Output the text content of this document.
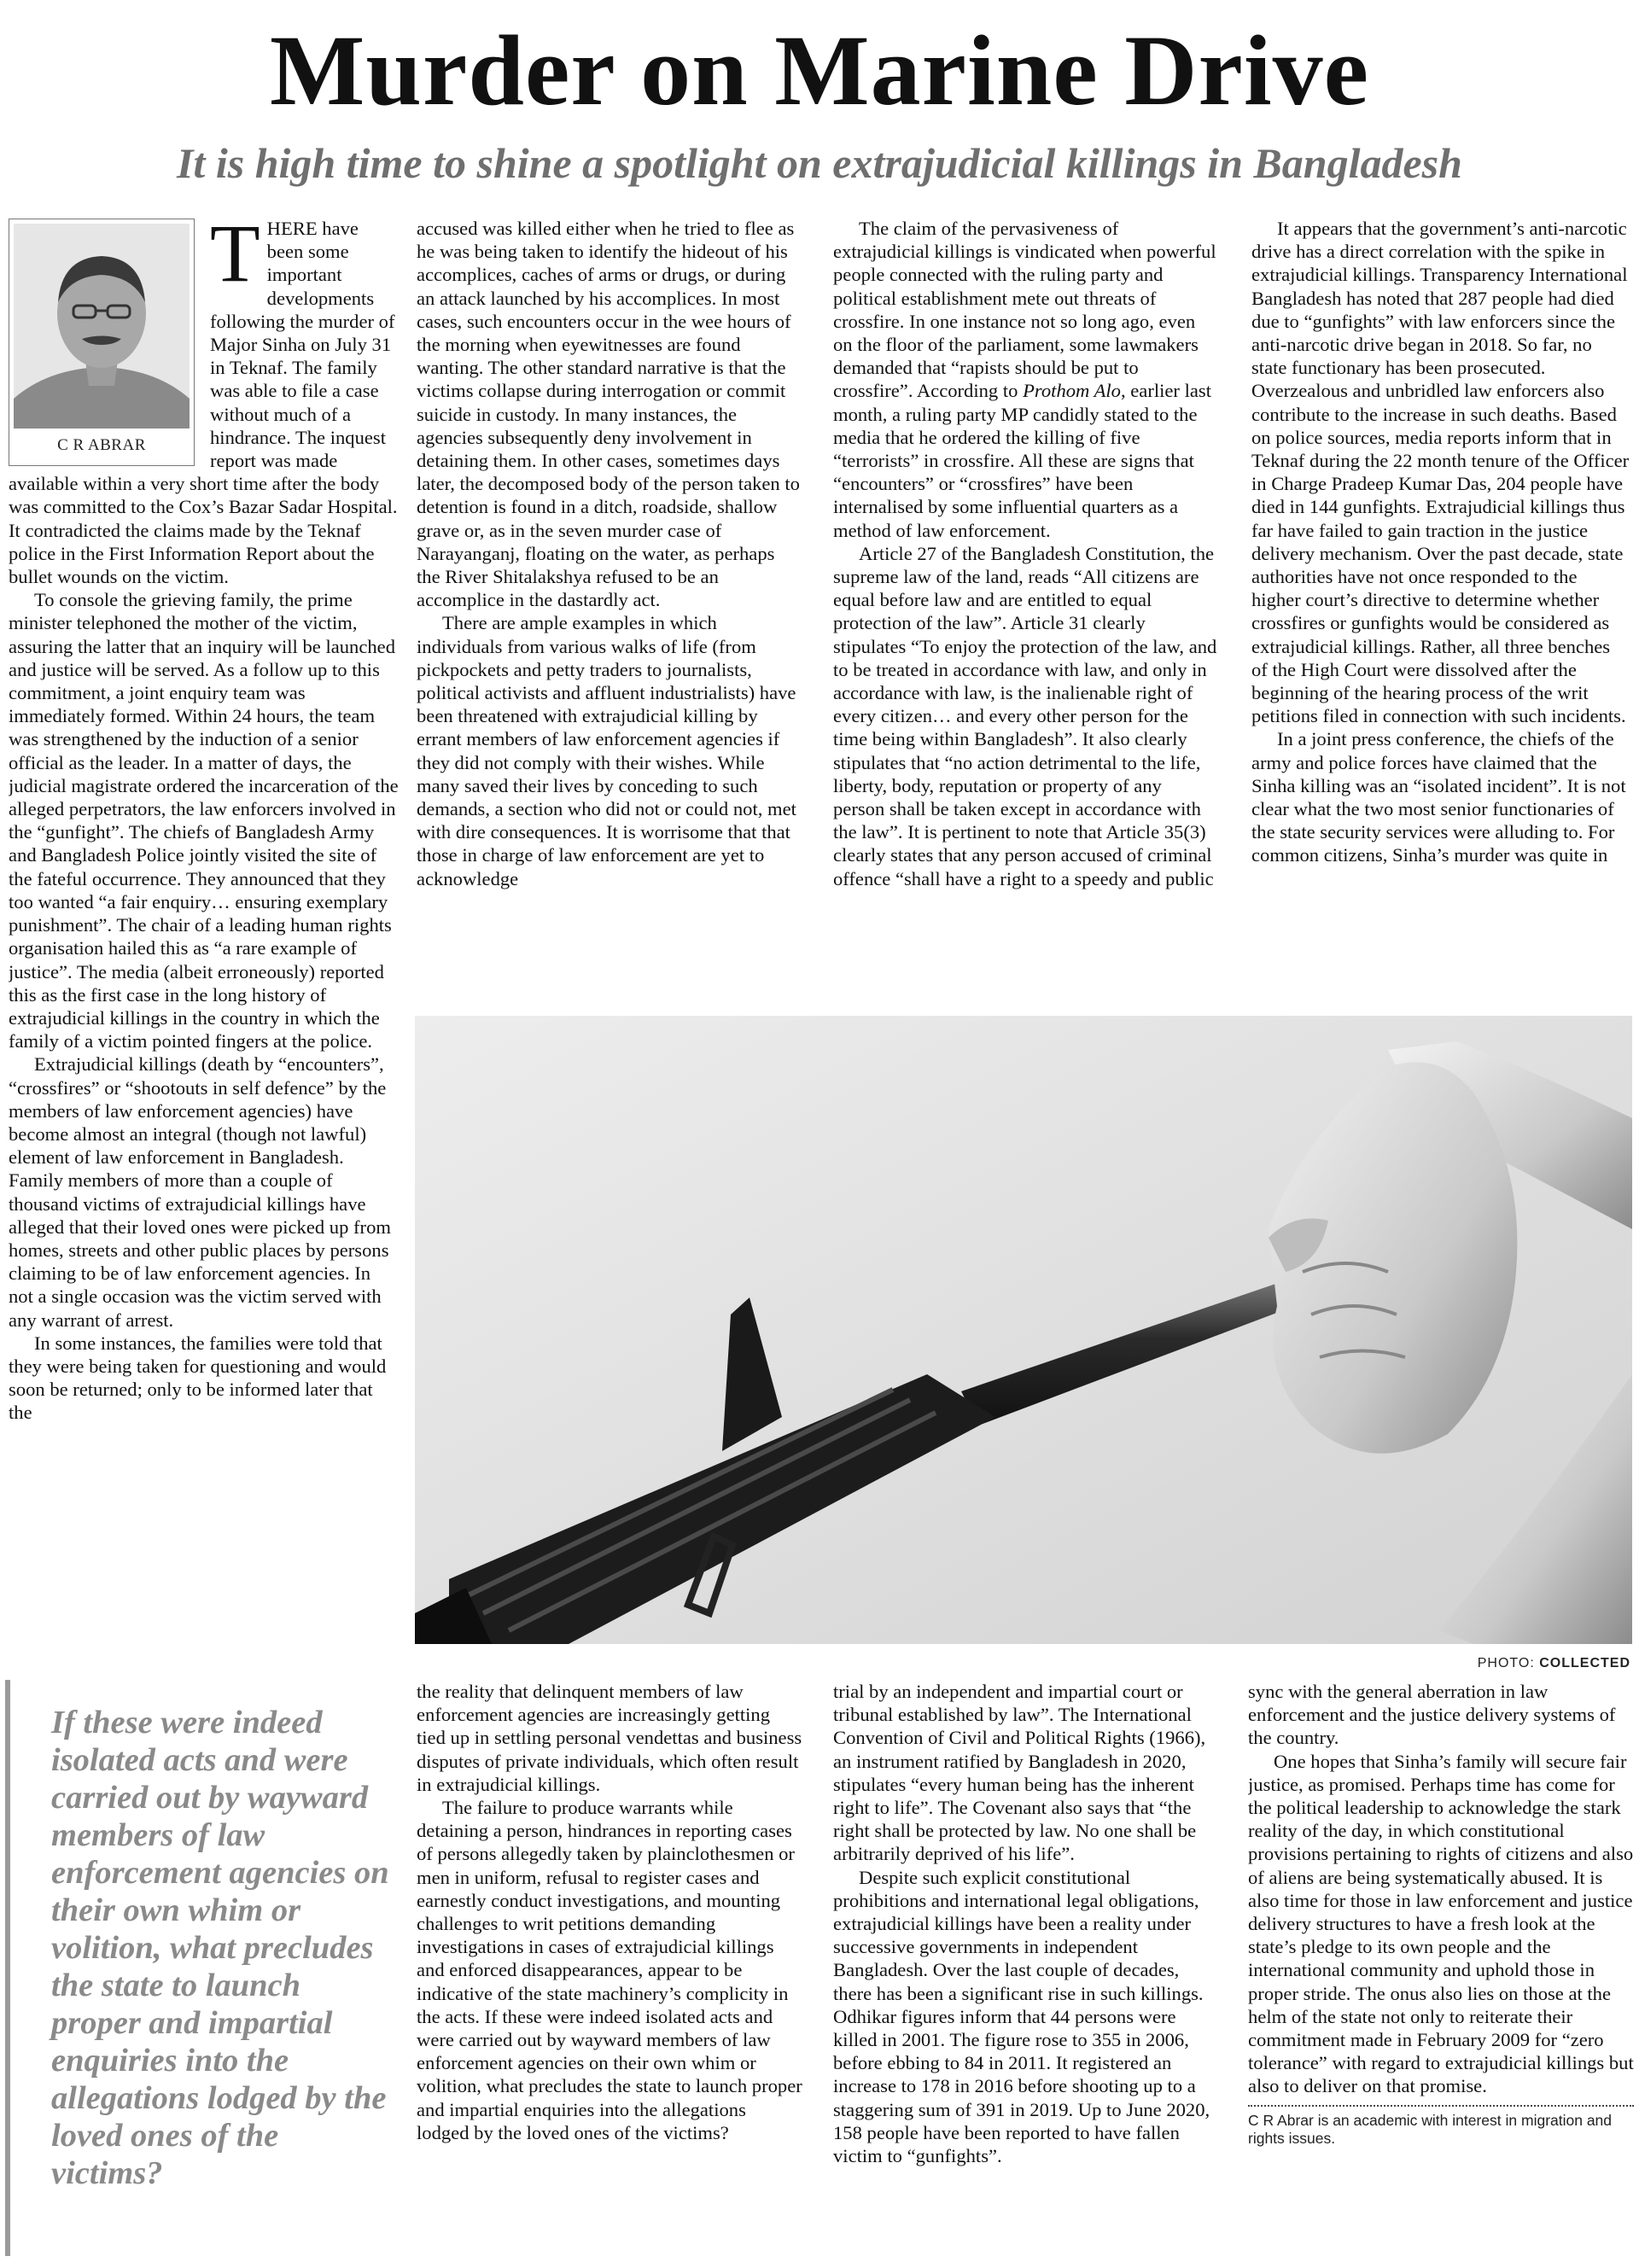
Murder on Marine Drive
It is high time to shine a spotlight on extrajudicial killings in Bangladesh
C R ABRAR

THERE have been some important developments following the murder of Major Sinha on July 31 in Teknaf. The family was able to file a case without much of a hindrance. The inquest report was made available within a very short time after the body was committed to the Cox’s Bazar Sadar Hospital. It contradicted the claims made by the Teknaf police in the First Information Report about the bullet wounds on the victim.

To console the grieving family, the prime minister telephoned the mother of the victim, assuring the latter that an inquiry will be launched and justice will be served. As a follow up to this commitment, a joint enquiry team was immediately formed. Within 24 hours, the team was strengthened by the induction of a senior official as the leader. In a matter of days, the judicial magistrate ordered the incarceration of the alleged perpetrators, the law enforcers involved in the “gunfight”. The chiefs of Bangladesh Army and Bangladesh Police jointly visited the site of the fateful occurrence. They announced that they too wanted “a fair enquiry… ensuring exemplary punishment”. The chair of a leading human rights organisation hailed this as “a rare example of justice”. The media (albeit erroneously) reported this as the first case in the long history of extrajudicial killings in the country in which the family of a victim pointed fingers at the police.

Extrajudicial killings (death by “encounters”, “crossfires” or “shootouts in self defence” by the members of law enforcement agencies) have become almost an integral (though not lawful) element of law enforcement in Bangladesh. Family members of more than a couple of thousand victims of extrajudicial killings have alleged that their loved ones were picked up from homes, streets and other public places by persons claiming to be of law enforcement agencies. In not a single occasion was the victim served with any warrant of arrest.

In some instances, the families were told that they were being taken for questioning and would soon be returned; only to be informed later that the

accused was killed either when he tried to flee as he was being taken to identify the hideout of his accomplices, caches of arms or drugs, or during an attack launched by his accomplices. In most cases, such encounters occur in the wee hours of the morning when eyewitnesses are found wanting. The other standard narrative is that the victims collapse during interrogation or commit suicide in custody. In many instances, the agencies subsequently deny involvement in detaining them. In other cases, sometimes days later, the decomposed body of the person taken to detention is found in a ditch, roadside, shallow grave or, as in the seven murder case of Narayanganj, floating on the water, as perhaps the River Shitalakshya refused to be an accomplice in the dastardly act.

There are ample examples in which individuals from various walks of life (from pickpockets and petty traders to journalists, political activists and affluent industrialists) have been threatened with extrajudicial killing by errant members of law enforcement agencies if they did not comply with their wishes. While many saved their lives by conceding to such demands, a section who did not or could not, met with dire consequences. It is worrisome that that those in charge of law enforcement are yet to acknowledge

The claim of the pervasiveness of extrajudicial killings is vindicated when powerful people connected with the ruling party and political establishment mete out threats of crossfire. In one instance not so long ago, even on the floor of the parliament, some lawmakers demanded that “rapists should be put to crossfire”. According to Prothom Alo, earlier last month, a ruling party MP candidly stated to the media that he ordered the killing of five “terrorists” in crossfire. All these are signs that “encounters” or “crossfires” have been internalised by some influential quarters as a method of law enforcement.

Article 27 of the Bangladesh Constitution, the supreme law of the land, reads “All citizens are equal before law and are entitled to equal protection of the law”. Article 31 clearly stipulates “To enjoy the protection of the law, and to be treated in accordance with law, and only in accordance with law, is the inalienable right of every citizen… and every other person for the time being within Bangladesh”. It also clearly stipulates that “no action detrimental to the life, liberty, body, reputation or property of any person shall be taken except in accordance with the law”. It is pertinent to note that Article 35(3) clearly states that any person accused of criminal offence “shall have a right to a speedy and public

It appears that the government’s anti-narcotic drive has a direct correlation with the spike in extrajudicial killings. Transparency International Bangladesh has noted that 287 people had died due to “gunfights” with law enforcers since the anti-narcotic drive began in 2018. So far, no state functionary has been prosecuted. Overzealous and unbridled law enforcers also contribute to the increase in such deaths. Based on police sources, media reports inform that in Teknaf during the 22 month tenure of the Officer in Charge Pradeep Kumar Das, 204 people have died in 144 gunfights. Extrajudicial killings thus far have failed to gain traction in the justice delivery mechanism. Over the past decade, state authorities have not once responded to the higher court’s directive to determine whether crossfires or gunfights would be considered as extrajudicial killings. Rather, all three benches of the High Court were dissolved after the beginning of the hearing process of the writ petitions filed in connection with such incidents.

In a joint press conference, the chiefs of the army and police forces have claimed that the Sinha killing was an “isolated incident”. It is not clear what the two most senior functionaries of the state security services were alluding to. For common citizens, Sinha’s murder was quite in

PHOTO: COLLECTED
If these were indeed isolated acts and were carried out by wayward members of law enforcement agencies on their own whim or volition, what precludes the state to launch proper and impartial enquiries into the allegations lodged by the loved ones of the victims?

the reality that delinquent members of law enforcement agencies are increasingly getting tied up in settling personal vendettas and business disputes of private individuals, which often result in extrajudicial killings.

The failure to produce warrants while detaining a person, hindrances in reporting cases of persons allegedly taken by plainclothesmen or men in uniform, refusal to register cases and earnestly conduct investigations, and mounting challenges to writ petitions demanding investigations in cases of extrajudicial killings and enforced disappearances, appear to be indicative of the state machinery’s complicity in the acts. If these were indeed isolated acts and were carried out by wayward members of law enforcement agencies on their own whim or volition, what precludes the state to launch proper and impartial enquiries into the allegations lodged by the loved ones of the victims?

trial by an independent and impartial court or tribunal established by law”. The International Convention of Civil and Political Rights (1966), an instrument ratified by Bangladesh in 2020, stipulates “every human being has the inherent right to life”. The Covenant also says that “the right shall be protected by law. No one shall be arbitrarily deprived of his life”.

Despite such explicit constitutional prohibitions and international legal obligations, extrajudicial killings have been a reality under successive governments in independent Bangladesh. Over the last couple of decades, there has been a significant rise in such killings. Odhikar figures inform that 44 persons were killed in 2001. The figure rose to 355 in 2006, before ebbing to 84 in 2011. It registered an increase to 178 in 2016 before shooting up to a staggering sum of 391 in 2019. Up to June 2020, 158 people have been reported to have fallen victim to “gunfights”.

sync with the general aberration in law enforcement and the justice delivery systems of the country.

One hopes that Sinha’s family will secure fair justice, as promised. Perhaps time has come for the political leadership to acknowledge the stark reality of the day, in which constitutional provisions pertaining to rights of citizens and also of aliens are being systematically abused. It is also time for those in law enforcement and justice delivery structures to have a fresh look at the state’s pledge to its own people and the international community and uphold those in proper stride. The onus also lies on those at the helm of the state not only to reiterate their commitment made in February 2009 for “zero tolerance” with regard to extrajudicial killings but also to deliver on that promise.

C R Abrar is an academic with interest in migration and rights issues.
